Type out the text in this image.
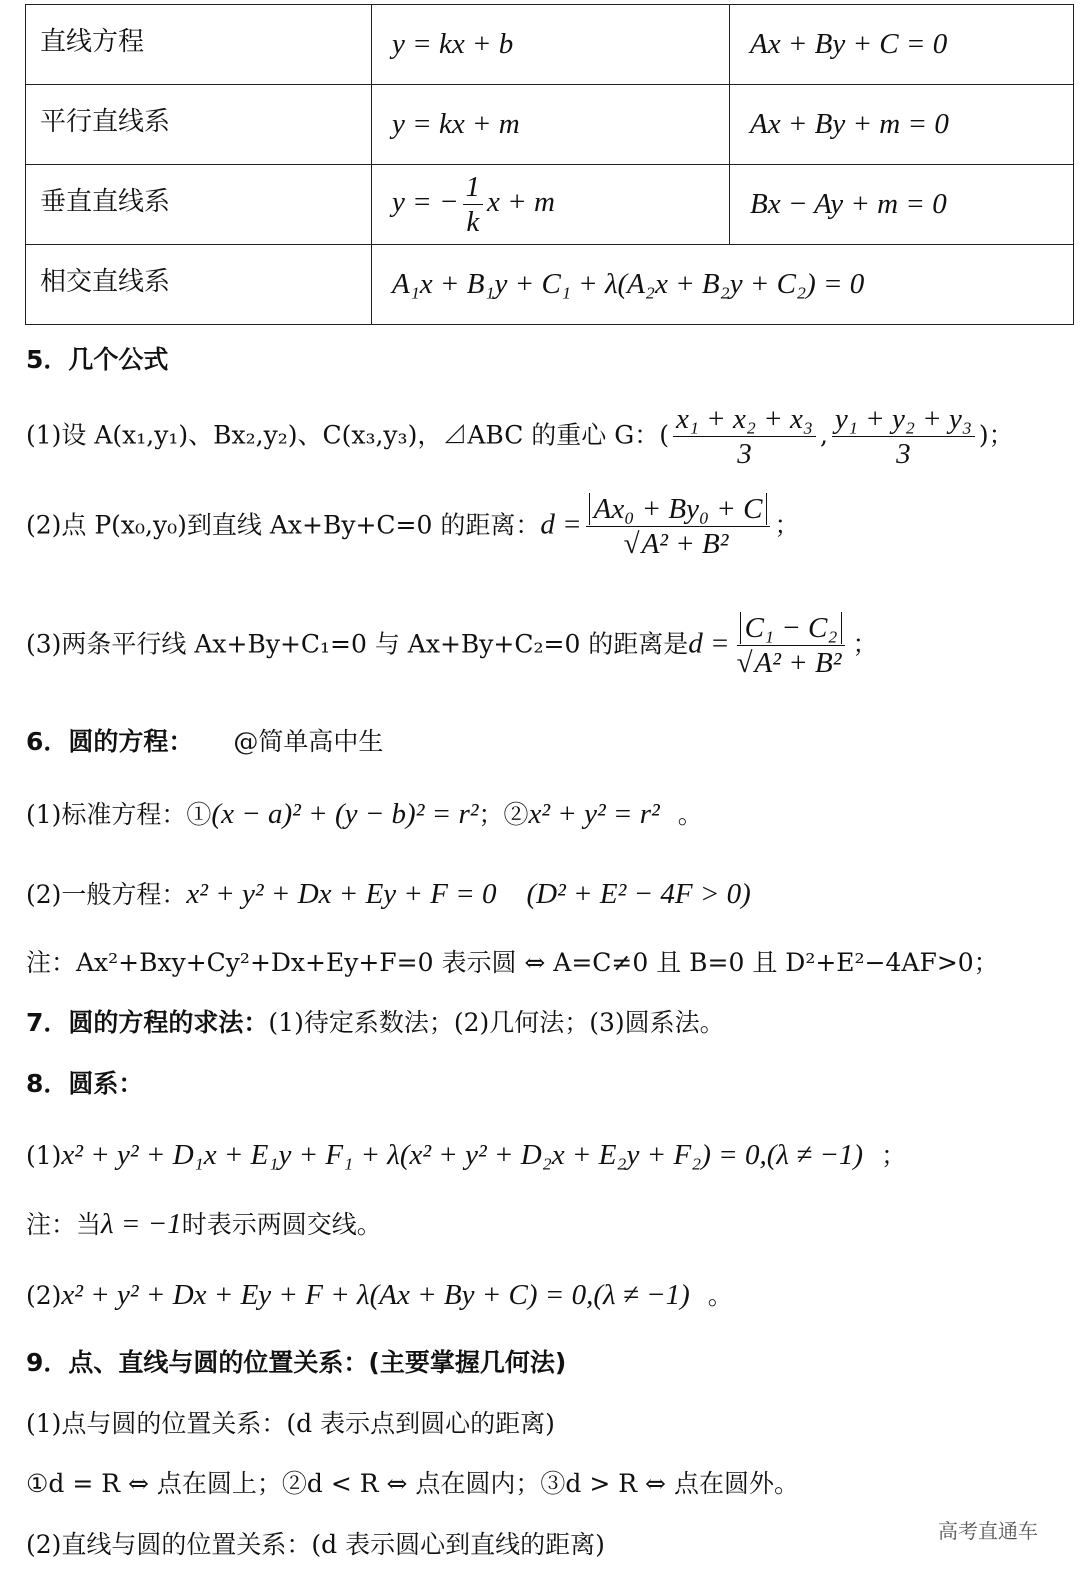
直线方程	y = kx + b	Ax + By + C = 0
平行直线系	y = kx + m	Ax + By + m = 0
垂直直线系	y = − $\frac{1}{k}$ x + m	Bx − Ay + m = 0
相交直线系	A₁x + B₁y + C₁ + λ(A₂x + B₂y + C₂) = 0	
5．几个公式
(1)设 A(x₁,y₁)、Bx₂,y₂)、C(x₃,y₃)，⊿ABC 的重心 G：( $\frac{\text{x₁ + x₂ + x₃}}{3}$ , $\frac{\text{y₁ + y₂ + y₃}}{3}$ )；
(2)点 P(x₀,y₀)到直线 Ax+By+C=0 的距离：$d = \frac{\text{Ax₀ + By₀ + C}}{\text{√A² + B²}}$ ；
(3)两条平行线 Ax+By+C₁=0 与 Ax+By+C₂=0 的距离是$d = \frac{\text{C₁ − C₂}}{\text{√A² + B²}}$ ；
6．圆的方程： @简单高中生
(1)标准方程：①(x − a)² + (y − b)² = r²；②x² + y² = r² 。
(2)一般方程：x² + y² + Dx + Ey + F = 0 (D² + E² − 4F > 0)
注：Ax²+Bxy+Cy²+Dx+Ey+F=0 表示圆 ⇔ A=C≠0 且 B=0 且 D²+E²−4AF>0；
7．圆的方程的求法：(1)待定系数法；(2)几何法；(3)圆系法。
8．圆系：
(1)x² + y² + D₁x + E₁y + F₁ + λ(x² + y² + D₂x + E₂y + F₂) = 0,(λ ≠ −1) ；
注：当λ = −1时表示两圆交线。
(2)x² + y² + Dx + Ey + F + λ(Ax + By + C) = 0,(λ ≠ −1) 。
9．点、直线与圆的位置关系：(主要掌握几何法)
(1)点与圆的位置关系：(d 表示点到圆心的距离)
①d = R ⇔ 点在圆上；②d < R ⇔ 点在圆内；③d > R ⇔ 点在圆外。
(2)直线与圆的位置关系：(d 表示圆心到直线的距离)	高考直通车
